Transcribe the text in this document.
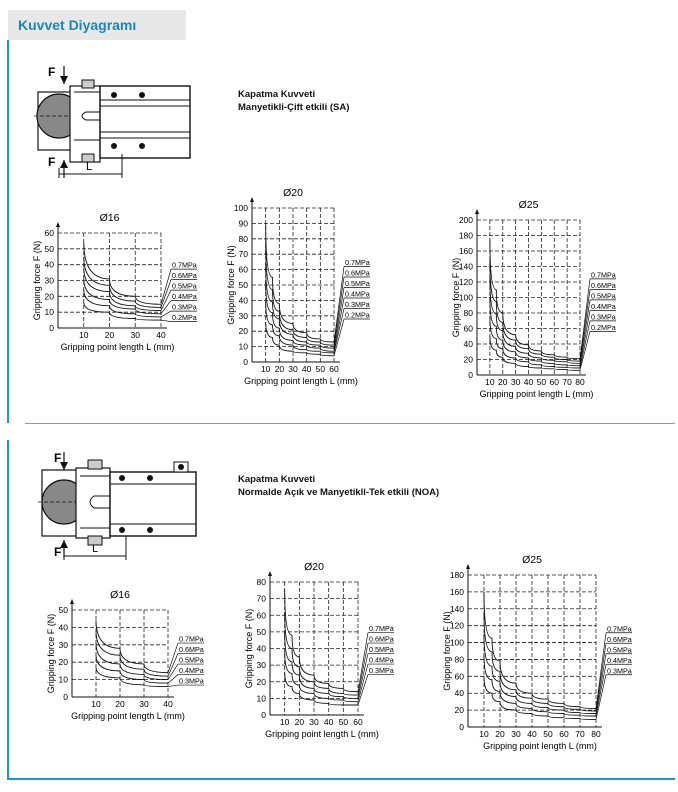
Kuvvet Diyagramı
Kapatma Kuvveti
Manyetikli-Çift etkili (SA)
Kapatma Kuvveti
Normalde Açık ve Manyetikli-Tek etkili (NOA)
F
F	L
F
F	L
10 20 30 40
0
10
20
30
40
50
60
Ø16
Gripping point length L (mm)
Gripping force F (N)	0.7MPa
0.6MPa
0.5MPa
0.4MPa
0.3MPa
0.2MPa
10 20 30 40 50 60
0
10
20
30
40
50
60
70
80
90
100
Ø20
Gripping point length L (mm)
Gripping force F (N)	0.7MPa
0.6MPa
0.5MPa
0.4MPa
0.3MPa
0.2MPa
10 20 30 40 50 60 70 80
0
20
40
60
80
100
120
140
160
180
200
Ø25
Gripping point length L (mm)
Gripping force F (N)	0.7MPa
0.6MPa
0.5MPa
0.4MPa
0.3MPa
0.2MPa
10 20 30 40
0
10
20
30
40
50
Ø16
Gripping point length L (mm)
Gripping force F (N)	0.7MPa
0.6MPa
0.5MPa
0.4MPa
0.3MPa
10 20 30 40 50 60
0
10
20
30
40
50
60
70
80
Ø20
Gripping point length L (mm)
Gripping force F (N)	0.7MPa
0.6MPa
0.5MPa
0.4MPa
0.3MPa
10 20 30 40 50 60 70 80
0
20
40
60
80
100
120
140
160
180
Ø25
Gripping point length L (mm)
Gripping force F (N)	0.7MPa
0.6MPa
0.5MPa
0.4MPa
0.3MPa
